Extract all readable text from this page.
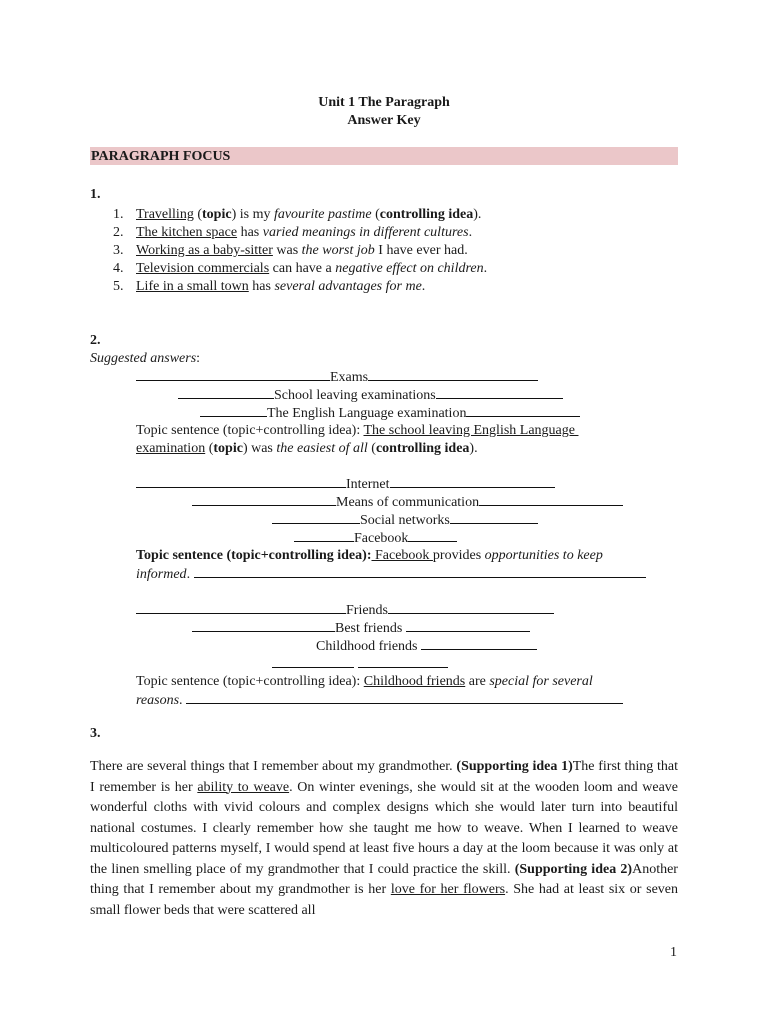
Unit 1 The Paragraph
Answer Key
PARAGRAPH FOCUS
1.
1. Travelling (topic) is my favourite pastime (controlling idea).
2. The kitchen space has varied meanings in different cultures.
3. Working as a baby-sitter was the worst job I have ever had.
4. Television commercials can have a negative effect on children.
5. Life in a small town has several advantages for me.
2.
Suggested answers:
Exams
School leaving examinations
The English Language examination
Topic sentence (topic+controlling idea): The school leaving English Language
examination (topic) was the easiest of all (controlling idea).
Internet
Means of communication
Social networks
Facebook
Topic sentence (topic+controlling idea): Facebook provides opportunities to keep
informed.
Friends
Best friends
Childhood friends

Topic sentence (topic+controlling idea): Childhood friends are special for several
reasons.
3.
There are several things that I remember about my grandmother. (Supporting idea 1)The first thing that I remember is her ability to weave. On winter evenings, she would sit at the wooden loom and weave wonderful cloths with vivid colours and complex designs which she would later turn into beautiful national costumes. I clearly remember how she taught me how to weave. When I learned to weave multicoloured patterns myself, I would spend at least five hours a day at the loom because it was only at the linen smelling place of my grandmother that I could practice the skill. (Supporting idea 2)Another thing that I remember about my grandmother is her love for her flowers. She had at least six or seven small flower beds that were scattered all
1
